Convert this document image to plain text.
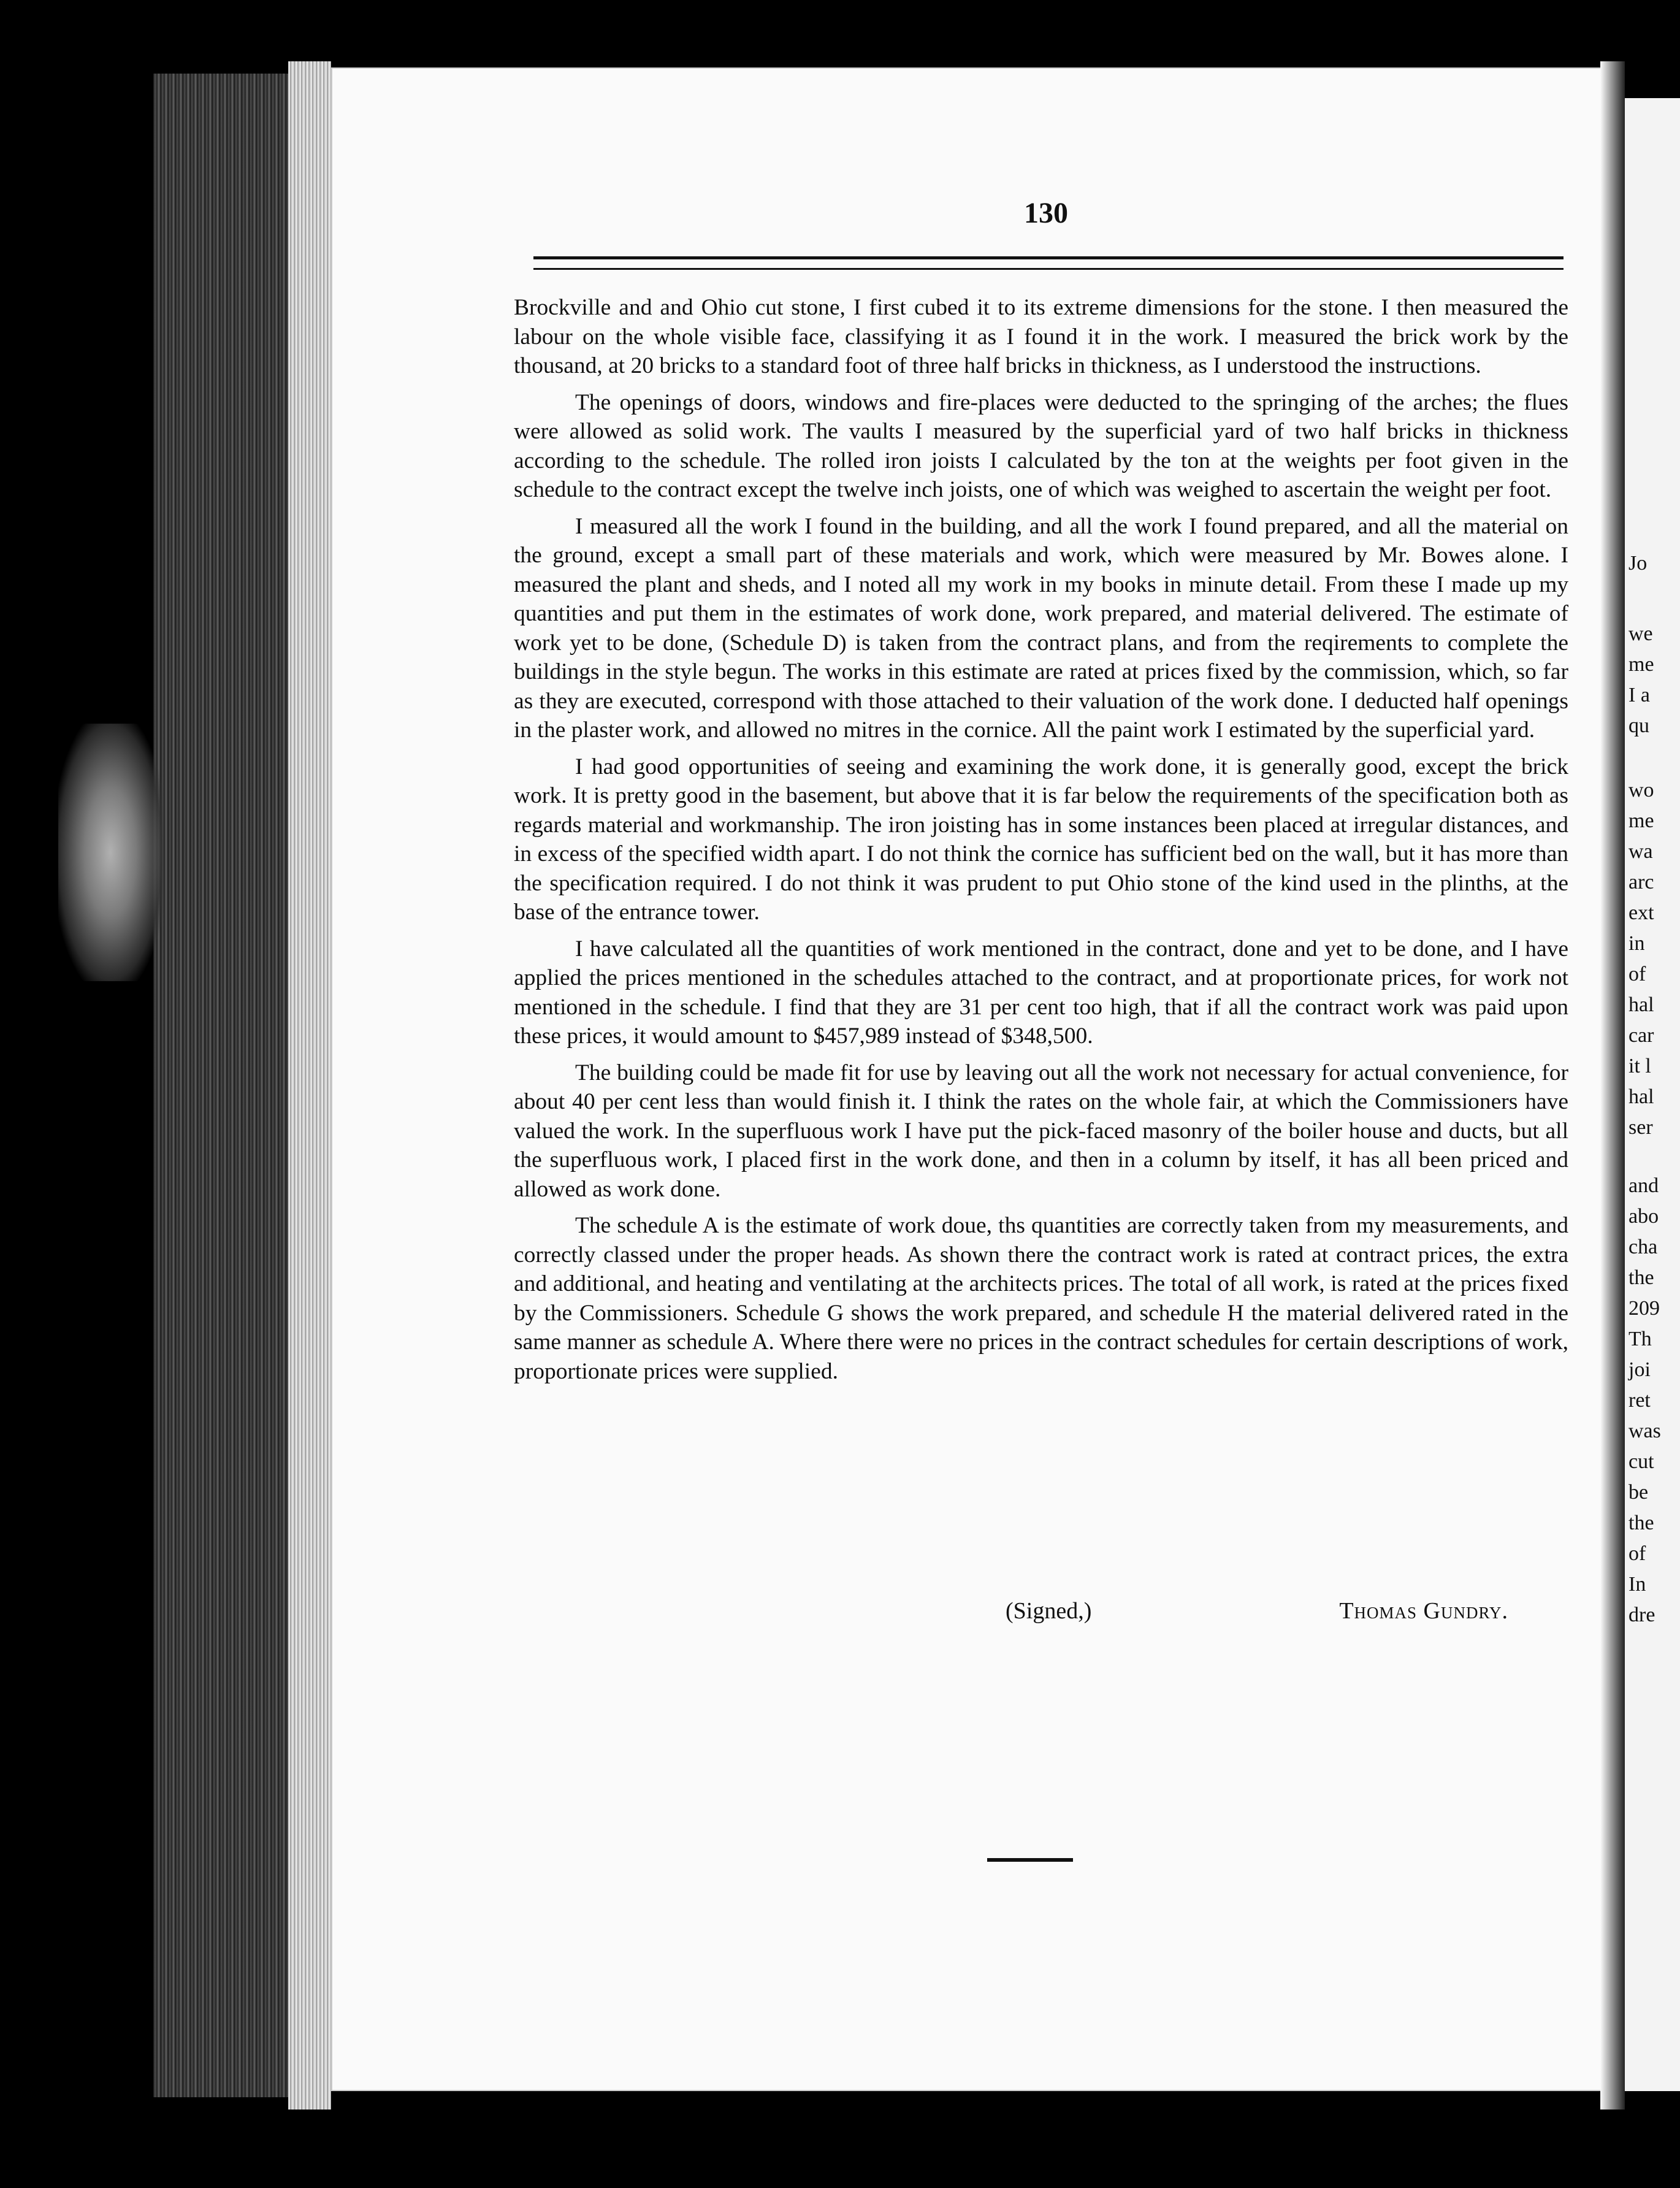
Jo
we
me
I a
qu
wo
me
wa
arc
ext
in
of
hal
car
it l
hal
ser
and
abo
cha
the
209
Th
joi
ret
was
cut
be
the
of
In
dre
130

Brockville and and Ohio cut stone, I first cubed it to its extreme dimensions for the stone. I then measured the labour on the whole visible face, classifying it as I found it in the work. I measured the brick work by the thousand, at 20 bricks to a standard foot of three half bricks in thickness, as I understood the instructions.

The openings of doors, windows and fire-places were deducted to the springing of the arches; the flues were allowed as solid work. The vaults I measured by the superficial yard of two half bricks in thickness according to the schedule. The rolled iron joists I calculated by the ton at the weights per foot given in the schedule to the contract except the twelve inch joists, one of which was weighed to ascertain the weight per foot.

I measured all the work I found in the building, and all the work I found prepared, and all the material on the ground, except a small part of these materials and work, which were measured by Mr. Bowes alone. I measured the plant and sheds, and I noted all my work in my books in minute detail. From these I made up my quantities and put them in the estimates of work done, work prepared, and material delivered. The estimate of work yet to be done, (Schedule D) is taken from the contract plans, and from the reqirements to complete the buildings in the style begun. The works in this estimate are rated at prices fixed by the commission, which, so far as they are executed, correspond with those attached to their valuation of the work done. I deducted half openings in the plaster work, and allowed no mitres in the cornice. All the paint work I estimated by the superficial yard.

I had good opportunities of seeing and examining the work done, it is generally good, except the brick work. It is pretty good in the basement, but above that it is far below the requirements of the specification both as regards material and workmanship. The iron joisting has in some instances been placed at irregular distances, and in excess of the specified width apart. I do not think the cornice has sufficient bed on the wall, but it has more than the specification required. I do not think it was prudent to put Ohio stone of the kind used in the plinths, at the base of the entrance tower.

I have calculated all the quantities of work mentioned in the contract, done and yet to be done, and I have applied the prices mentioned in the schedules attached to the contract, and at proportionate prices, for work not mentioned in the schedule. I find that they are 31 per cent too high, that if all the contract work was paid upon these prices, it would amount to $457,989 instead of $348,500.

The building could be made fit for use by leaving out all the work not necessary for actual convenience, for about 40 per cent less than would finish it. I think the rates on the whole fair, at which the Commissioners have valued the work. In the superfluous work I have put the pick-faced masonry of the boiler house and ducts, but all the superfluous work, I placed first in the work done, and then in a column by itself, it has all been priced and allowed as work done.

The schedule A is the estimate of work doue, ths quantities are correctly taken from my measurements, and correctly classed under the proper heads. As shown there the contract work is rated at contract prices, the extra and additional, and heating and ventilating at the architects prices. The total of all work, is rated at the prices fixed by the Commissioners. Schedule G shows the work prepared, and schedule H the material delivered rated in the same manner as schedule A. Where there were no prices in the contract schedules for certain descriptions of work, proportionate prices were supplied.

(Signed,)	Thomas Gundry.
